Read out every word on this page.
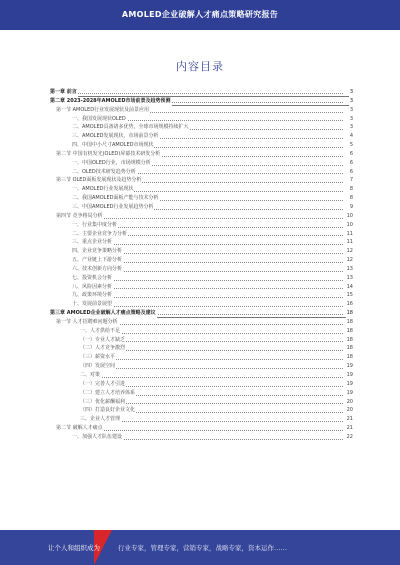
AMOLED企业破解人才痛点策略研究报告
内容目录
第一章 前言	3
第二章 2023-2028年AMOLED市场前景及趋势预测	3
第一节 AMOLED行业发展现状及前景应用	3
一、我国发展现状OLED	3
二、AMOLED具备诸多优势，全球市场规模持续扩大	3
三、AMOLED发展现状，市场前景分析	4
四、中国中小尺寸AMOLED市场现状	5
第二节 中国有机发光(OLED)屏幕技术研发分析	6
一、中国OLED行业，市场规模分析	6
二、OLED技术研发趋势分析	6
第三节 OLED面板发展现状及趋势分析	7
一、AMOLED行业发展现状	8
二、我国AMOLED面板产能与技术分析	8
三、中国AMOLED行业发展趋势分析	9
第四节 竞争格局分析	10
一、行业集中度分析	10
二、主要企业竞争力分析	11
三、重点企业分析	11
四、企业竞争策略分析	12
五、产业链上下游分析	12
六、技术创新方向分析	13
七、投资机会分析	13
八、风险因素分析	14
九、政策环境分析	15
十、发展前景展望	16
第三章 AMOLED企业破解人才痛点策略及建议	18
第一节 人才招聘难问题分析	18
一、人才供给不足	18
（一）专业人才缺乏	18
（二）人才竞争激烈	18
（三）薪资水平	18
（四）发展空间	19
二、对策	19
（一）完善人才引进	19
（二）建立人才培养体系	19
（三）优化薪酬福利	20
（四）打造良好企业文化	20
三、企业人才管理	21
第二节 破解人才痛点	21
一、加强人才队伍建设	22
让个人和组织成为	行业专家，管理专家，营销专家，战略专家，资本运作……
